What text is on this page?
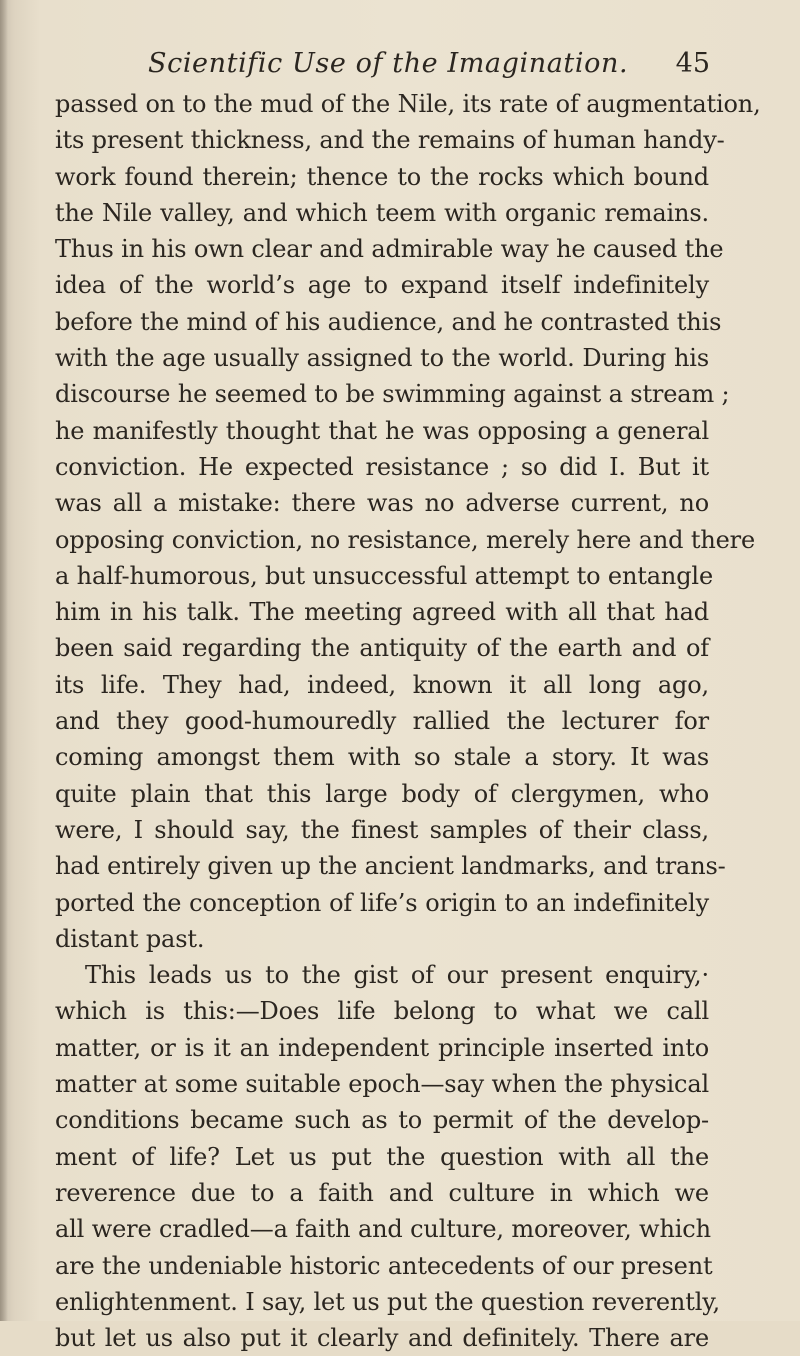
Scientific Use of the Imagination. 45
passed on to the mud of the Nile, its rate of augmentation,
its present thickness, and the remains of human handy-
work found therein; thence to the rocks which bound
the Nile valley, and which teem with organic remains.
Thus in his own clear and admirable way he caused the
idea of the world’s age to expand itself indefinitely
before the mind of his audience, and he contrasted this
with the age usually assigned to the world. During his
discourse he seemed to be swimming against a stream ;
he manifestly thought that he was opposing a general
conviction. He expected resistance ; so did I. But it
was all a mistake: there was no adverse current, no
opposing conviction, no resistance, merely here and there
a half-humorous, but unsuccessful attempt to entangle
him in his talk. The meeting agreed with all that had
been said regarding the antiquity of the earth and of
its life. They had, indeed, known it all long ago,
and they good-humouredly rallied the lecturer for
coming amongst them with so stale a story. It was
quite plain that this large body of clergymen, who
were, I should say, the finest samples of their class,
had entirely given up the ancient landmarks, and trans-
ported the conception of life’s origin to an indefinitely
distant past.
This leads us to the gist of our present enquiry,·
which is this:—Does life belong to what we call
matter, or is it an independent principle inserted into
matter at some suitable epoch—say when the physical
conditions became such as to permit of the develop-
ment of life? Let us put the question with all the
reverence due to a faith and culture in which we
all were cradled—a faith and culture, moreover, which
are the undeniable historic antecedents of our present
enlightenment. I say, let us put the question reverently,
but let us also put it clearly and definitely. There are
